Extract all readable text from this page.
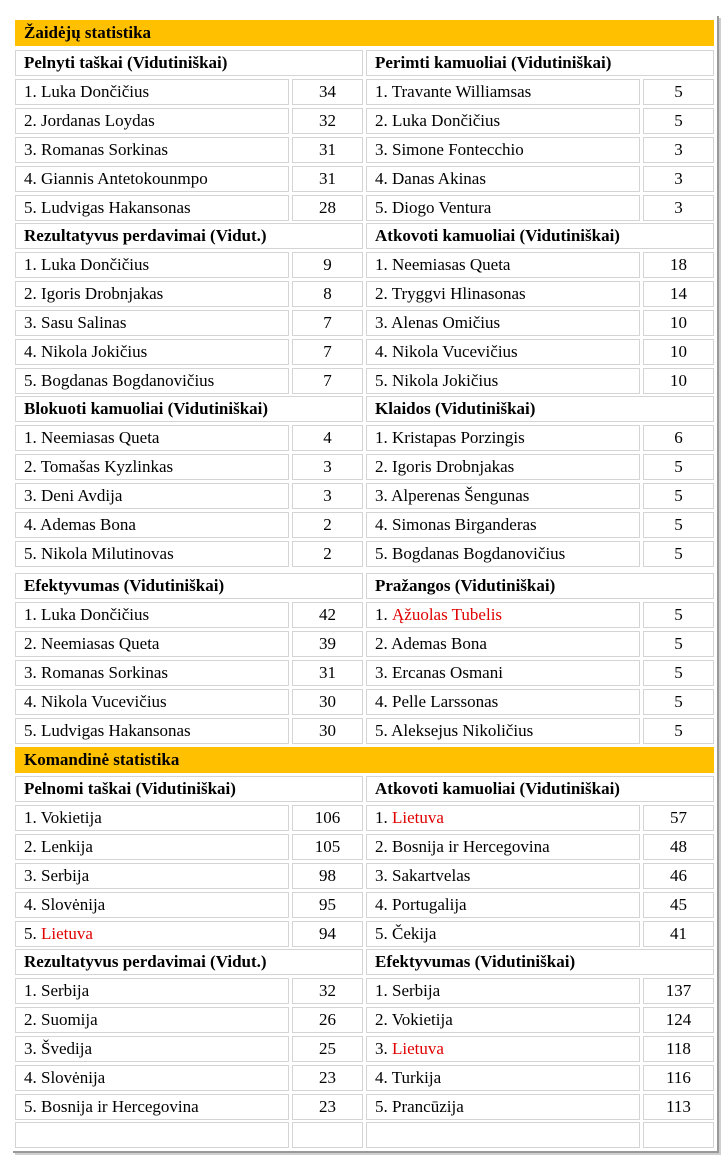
Žaidėjų statistika
Pelnyti taškai (Vidutiniškai)
1. Luka Dončičius	34
2. Jordanas Loydas	32
3. Romanas Sorkinas	31
4. Giannis Antetokounmpo	31
5. Ludvigas Hakansonas	28
Perimti kamuoliai (Vidutiniškai)
1. Travante Williamsas	5
2. Luka Dončičius	5
3. Simone Fontecchio	3
4. Danas Akinas	3
5. Diogo Ventura	3
Rezultatyvus perdavimai (Vidut.)
1. Luka Dončičius	9
2. Igoris Drobnjakas	8
3. Sasu Salinas	7
4. Nikola Jokičius	7
5. Bogdanas Bogdanovičius	7
Atkovoti kamuoliai (Vidutiniškai)
1. Neemiasas Queta	18
2. Tryggvi Hlinasonas	14
3. Alenas Omičius	10
4. Nikola Vucevičius	10
5. Nikola Jokičius	10
Blokuoti kamuoliai (Vidutiniškai)
1. Neemiasas Queta	4
2. Tomašas Kyzlinkas	3
3. Deni Avdija	3
4. Ademas Bona	2
5. Nikola Milutinovas	2
Klaidos (Vidutiniškai)
1. Kristapas Porzingis	6
2. Igoris Drobnjakas	5
3. Alperenas Šengunas	5
4. Simonas Birganderas	5
5. Bogdanas Bogdanovičius	5
Efektyvumas (Vidutiniškai)
1. Luka Dončičius	42
2. Neemiasas Queta	39
3. Romanas Sorkinas	31
4. Nikola Vucevičius	30
5. Ludvigas Hakansonas	30
Pražangos (Vidutiniškai)
1. Ąžuolas Tubelis	5
2. Ademas Bona	5
3. Ercanas Osmani	5
4. Pelle Larssonas	5
5. Aleksejus Nikoličius	5
Komandinė statistika
Pelnomi taškai (Vidutiniškai)
1. Vokietija	106
2. Lenkija	105
3. Serbija	98
4. Slovėnija	95
5. Lietuva	94
Atkovoti kamuoliai (Vidutiniškai)
1. Lietuva	57
2. Bosnija ir Hercegovina	48
3. Sakartvelas	46
4. Portugalija	45
5. Čekija	41
Rezultatyvus perdavimai (Vidut.)
1. Serbija	32
2. Suomija	26
3. Švedija	25
4. Slovėnija	23
5. Bosnija ir Hercegovina	23
Efektyvumas (Vidutiniškai)
1. Serbija	137
2. Vokietija	124
3. Lietuva	118
4. Turkija	116
5. Prancūzija	113
